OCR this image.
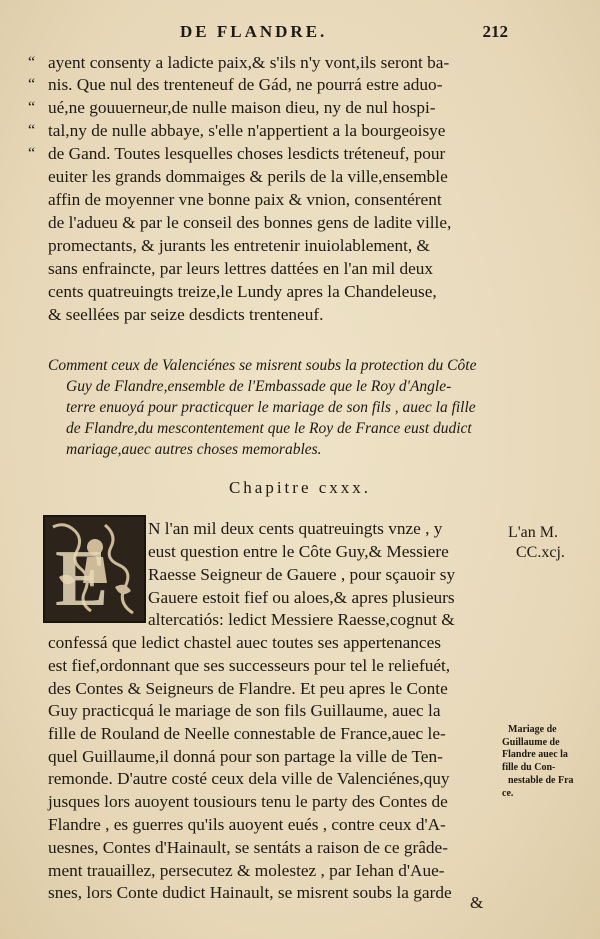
DE FLANDRE.	212
“ ayent consenty a ladicte paix,& s'ils n'y vont,ils seront ba-
“ nis. Que nul des trenteneuf de Gád, ne pourrá estre aduo-
“ ué,ne gouuerneur,de nulle maison dieu, ny de nul hospi-
“ tal,ny de nulle abbaye, s'elle n'appertient a la bourgeoisye
“ de Gand. Toutes lesquelles choses lesdicts tréteneuf, pour
euiter les grands dommaiges & perils de la ville,ensemble
affin de moyenner vne bonne paix & vnion, consentérent
de l'adueu & par le conseil des bonnes gens de ladite ville,
promectants, & jurants les entretenir inuiolablement, &
sans enfraincte, par leurs lettres dattées en l'an mil deux
cents quatreuingts treize,le Lundy apres la Chandeleuse,
& seellées par seize desdicts trenteneuf.
Comment ceux de Valenciénes se misrent soubs la protection du Côte
Guy de Flandre,ensemble de l'Embassade que le Roy d'Angle-
terre enuoyá pour practicquer le mariage de son fils , auec la fille
de Flandre,du mescontentement que le Roy de France eust dudict
mariage,auec autres choses memorables.
Chapitre cxxx.
E
N l'an mil deux cents quatreuingts vnze , y
eust question entre le Côte Guy,& Messiere
Raesse Seigneur de Gauere , pour sçauoir sy
Gauere estoit fief ou aloes,& apres plusieurs
altercatiós: ledict Messiere Raesse,cognut &
confessá que ledict chastel auec toutes ses appertenances
est fief,ordonnant que ses successeurs pour tel le reliefuét,
des Contes & Seigneurs de Flandre. Et peu apres le Conte
Guy practicquá le mariage de son fils Guillaume, auec la
fille de Rouland de Neelle connestable de France,auec le-
quel Guillaume,il donná pour son partage la ville de Ten-
remonde. D'autre costé ceux dela ville de Valenciénes,quy
jusques lors auoyent tousiours tenu le party des Contes de
Flandre , es guerres qu'ils auoyent eués , contre ceux d'A-
uesnes, Contes d'Hainault, se sentáts a raison de ce grâde-
ment trauaillez, persecutez & molestez , par Iehan d'Aue-
snes, lors Conte dudict Hainault, se misrent soubs la garde
&
L'an M.
CC.xcj.
Mariage de
Guillaume de
Flandre auec la
fille du Con-
nestable de Fra
ce.
